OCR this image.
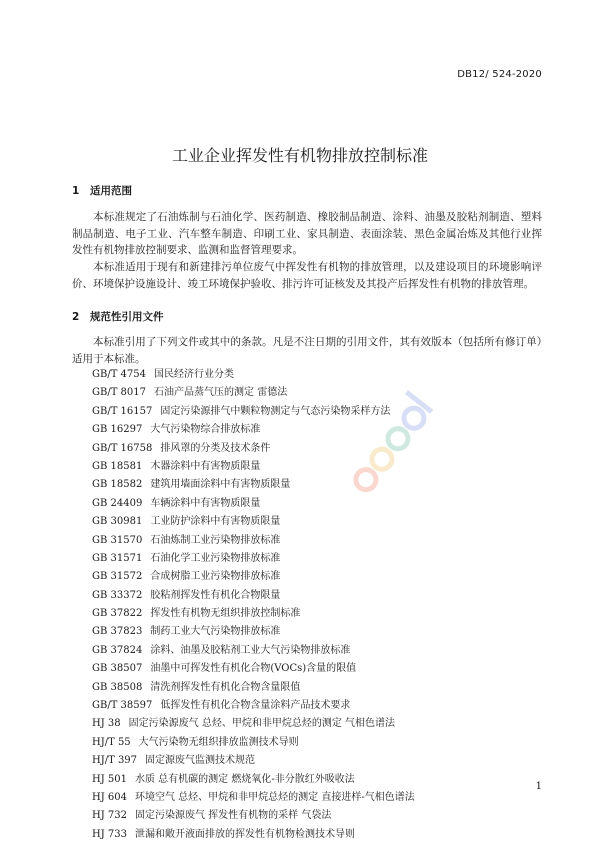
DB12/ 524-2020
工业企业挥发性有机物排放控制标准
1 适用范围

本标准规定了石油炼制与石油化学、医药制造、橡胶制品制造、涂料、油墨及胶粘剂制造、塑料制品制造、电子工业、汽车整车制造、印刷工业、家具制造、表面涂装、黑色金属冶炼及其他行业挥发性有机物排放控制要求、监测和监督管理要求。

本标准适用于现有和新建排污单位废气中挥发性有机物的排放管理，以及建设项目的环境影响评价、环境保护设施设计、竣工环境保护验收、排污许可证核发及其投产后挥发性有机物的排放管理。

2 规范性引用文件

本标准引用了下列文件或其中的条款。凡是不注日期的引用文件，其有效版本（包括所有修订单）适用于本标准。

GB/T 4754 国民经济行业分类
GB/T 8017 石油产品蒸气压的测定 雷德法
GB/T 16157 固定污染源排气中颗粒物测定与气态污染物采样方法
GB 16297 大气污染物综合排放标准
GB/T 16758 排风罩的分类及技术条件
GB 18581 木器涂料中有害物质限量
GB 18582 建筑用墙面涂料中有害物质限量
GB 24409 车辆涂料中有害物质限量
GB 30981 工业防护涂料中有害物质限量
GB 31570 石油炼制工业污染物排放标准
GB 31571 石油化学工业污染物排放标准
GB 31572 合成树脂工业污染物排放标准
GB 33372 胶粘剂挥发性有机化合物限量
GB 37822 挥发性有机物无组织排放控制标准
GB 37823 制药工业大气污染物排放标准
GB 37824 涂料、油墨及胶粘剂工业大气污染物排放标准
GB 38507 油墨中可挥发性有机化合物(VOCs)含量的限值
GB 38508 清洗剂挥发性有机化合物含量限值
GB/T 38597 低挥发性有机化合物含量涂料产品技术要求
HJ 38 固定污染源废气 总烃、甲烷和非甲烷总烃的测定 气相色谱法
HJ/T 55 大气污染物无组织排放监测技术导则
HJ/T 397 固定源废气监测技术规范
HJ 501 水质 总有机碳的测定 燃烧氧化-非分散红外吸收法
HJ 604 环境空气 总烃、甲烷和非甲烷总烃的测定 直接进样-气相色谱法
HJ 732 固定污染源废气 挥发性有机物的采样 气袋法
HJ 733 泄漏和敞开液面排放的挥发性有机物检测技术导则
1
